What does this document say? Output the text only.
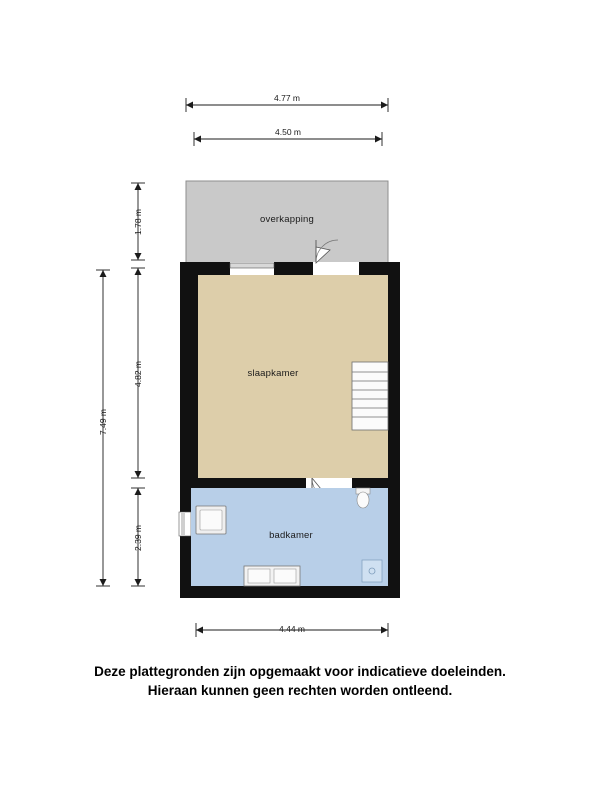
overkapping
slaapkamer
badkamer
4.77 m
4.50 m
4.44 m
7.49 m
1.78 m
4.82 m
2.39 m
Deze plattegronden zijn opgemaakt voor indicatieve doeleinden.
Hieraan kunnen geen rechten worden ontleend.
